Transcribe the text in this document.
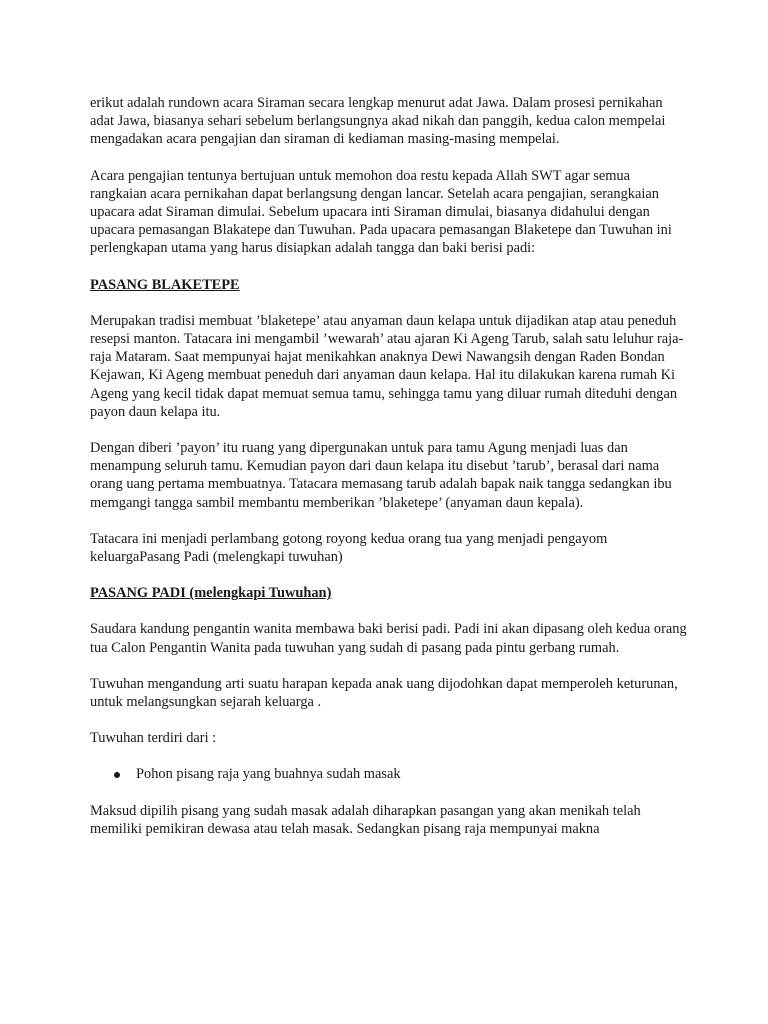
erikut adalah rundown acara Siraman secara lengkap menurut adat Jawa. Dalam prosesi pernikahan adat Jawa, biasanya sehari sebelum berlangsungnya akad nikah dan panggih, kedua calon mempelai mengadakan acara pengajian dan siraman di kediaman masing-masing mempelai.

Acara pengajian tentunya bertujuan untuk memohon doa restu kepada Allah SWT agar semua rangkaian acara pernikahan dapat berlangsung dengan lancar. Setelah acara pengajian, serangkaian upacara adat Siraman dimulai. Sebelum upacara inti Siraman dimulai, biasanya didahului dengan upacara pemasangan Blakatepe dan Tuwuhan. Pada upacara pemasangan Blaketepe dan Tuwuhan ini perlengkapan utama yang harus disiapkan adalah tangga dan baki berisi padi:

PASANG BLAKETEPE

Merupakan tradisi membuat ’blaketepe’ atau anyaman daun kelapa untuk dijadikan atap atau peneduh resepsi manton. Tatacara ini mengambil ’wewarah’ atau ajaran Ki Ageng Tarub, salah satu leluhur raja-raja Mataram. Saat mempunyai hajat menikahkan anaknya Dewi Nawangsih dengan Raden Bondan Kejawan, Ki Ageng membuat peneduh dari anyaman daun kelapa. Hal itu dilakukan karena rumah Ki Ageng yang kecil tidak dapat memuat semua tamu, sehingga tamu yang diluar rumah diteduhi dengan payon daun kelapa itu.

Dengan diberi ’payon’ itu ruang yang dipergunakan untuk para tamu Agung menjadi luas dan menampung seluruh tamu. Kemudian payon dari daun kelapa itu disebut ’tarub’, berasal dari nama orang uang pertama membuatnya. Tatacara memasang tarub adalah bapak naik tangga sedangkan ibu memgangi tangga sambil membantu memberikan ’blaketepe’ (anyaman daun kepala).

Tatacara ini menjadi perlambang gotong royong kedua orang tua yang menjadi pengayom keluargaPasang Padi (melengkapi tuwuhan)

PASANG PADI (melengkapi Tuwuhan)

Saudara kandung pengantin wanita membawa baki berisi padi. Padi ini akan dipasang oleh kedua orang tua Calon Pengantin Wanita pada tuwuhan yang sudah di pasang pada pintu gerbang rumah.

Tuwuhan mengandung arti suatu harapan kepada anak uang dijodohkan dapat memperoleh keturunan, untuk melangsungkan sejarah keluarga .

Tuwuhan terdiri dari :

Pohon pisang raja yang buahnya sudah masak

Maksud dipilih pisang yang sudah masak adalah diharapkan pasangan yang akan menikah telah memiliki pemikiran dewasa atau telah masak. Sedangkan pisang raja mempunyai makna
